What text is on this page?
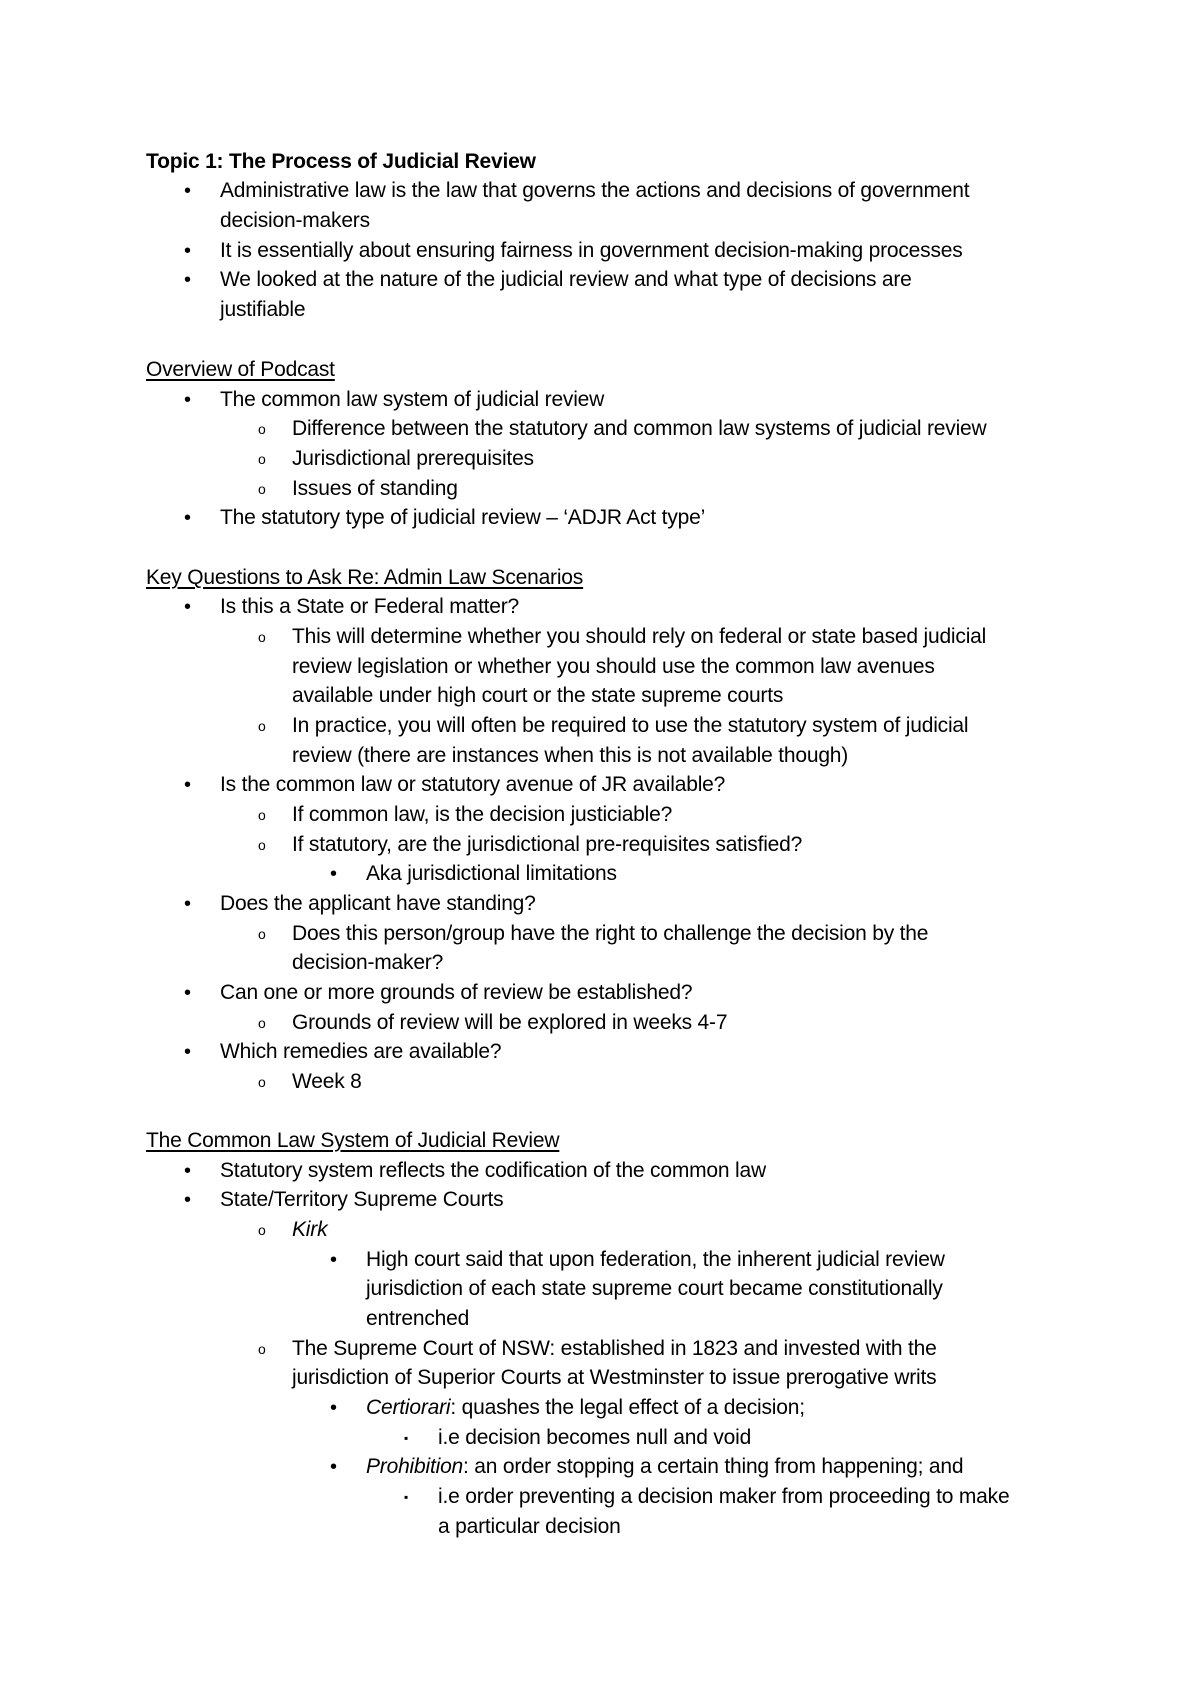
Topic 1: The Process of Judicial Review
• Administrative law is the law that governs the actions and decisions of government
decision-makers
• It is essentially about ensuring fairness in government decision-making processes
• We looked at the nature of the judicial review and what type of decisions are
justifiable
Overview of Podcast
• The common law system of judicial review
o Difference between the statutory and common law systems of judicial review
o Jurisdictional prerequisites
o Issues of standing
• The statutory type of judicial review – ‘ADJR Act type’
Key Questions to Ask Re: Admin Law Scenarios
• Is this a State or Federal matter?
o This will determine whether you should rely on federal or state based judicial
review legislation or whether you should use the common law avenues
available under high court or the state supreme courts
o In practice, you will often be required to use the statutory system of judicial
review (there are instances when this is not available though)
• Is the common law or statutory avenue of JR available?
o If common law, is the decision justiciable?
o If statutory, are the jurisdictional pre-requisites satisfied?
• Aka jurisdictional limitations
• Does the applicant have standing?
o Does this person/group have the right to challenge the decision by the
decision-maker?
• Can one or more grounds of review be established?
o Grounds of review will be explored in weeks 4-7
• Which remedies are available?
o Week 8
The Common Law System of Judicial Review
• Statutory system reflects the codification of the common law
• State/Territory Supreme Courts
o Kirk
• High court said that upon federation, the inherent judicial review
jurisdiction of each state supreme court became constitutionally
entrenched
o The Supreme Court of NSW: established in 1823 and invested with the
jurisdiction of Superior Courts at Westminster to issue prerogative writs
• Certiorari: quashes the legal effect of a decision;
▪ i.e decision becomes null and void
• Prohibition: an order stopping a certain thing from happening; and
▪ i.e order preventing a decision maker from proceeding to make
a particular decision
